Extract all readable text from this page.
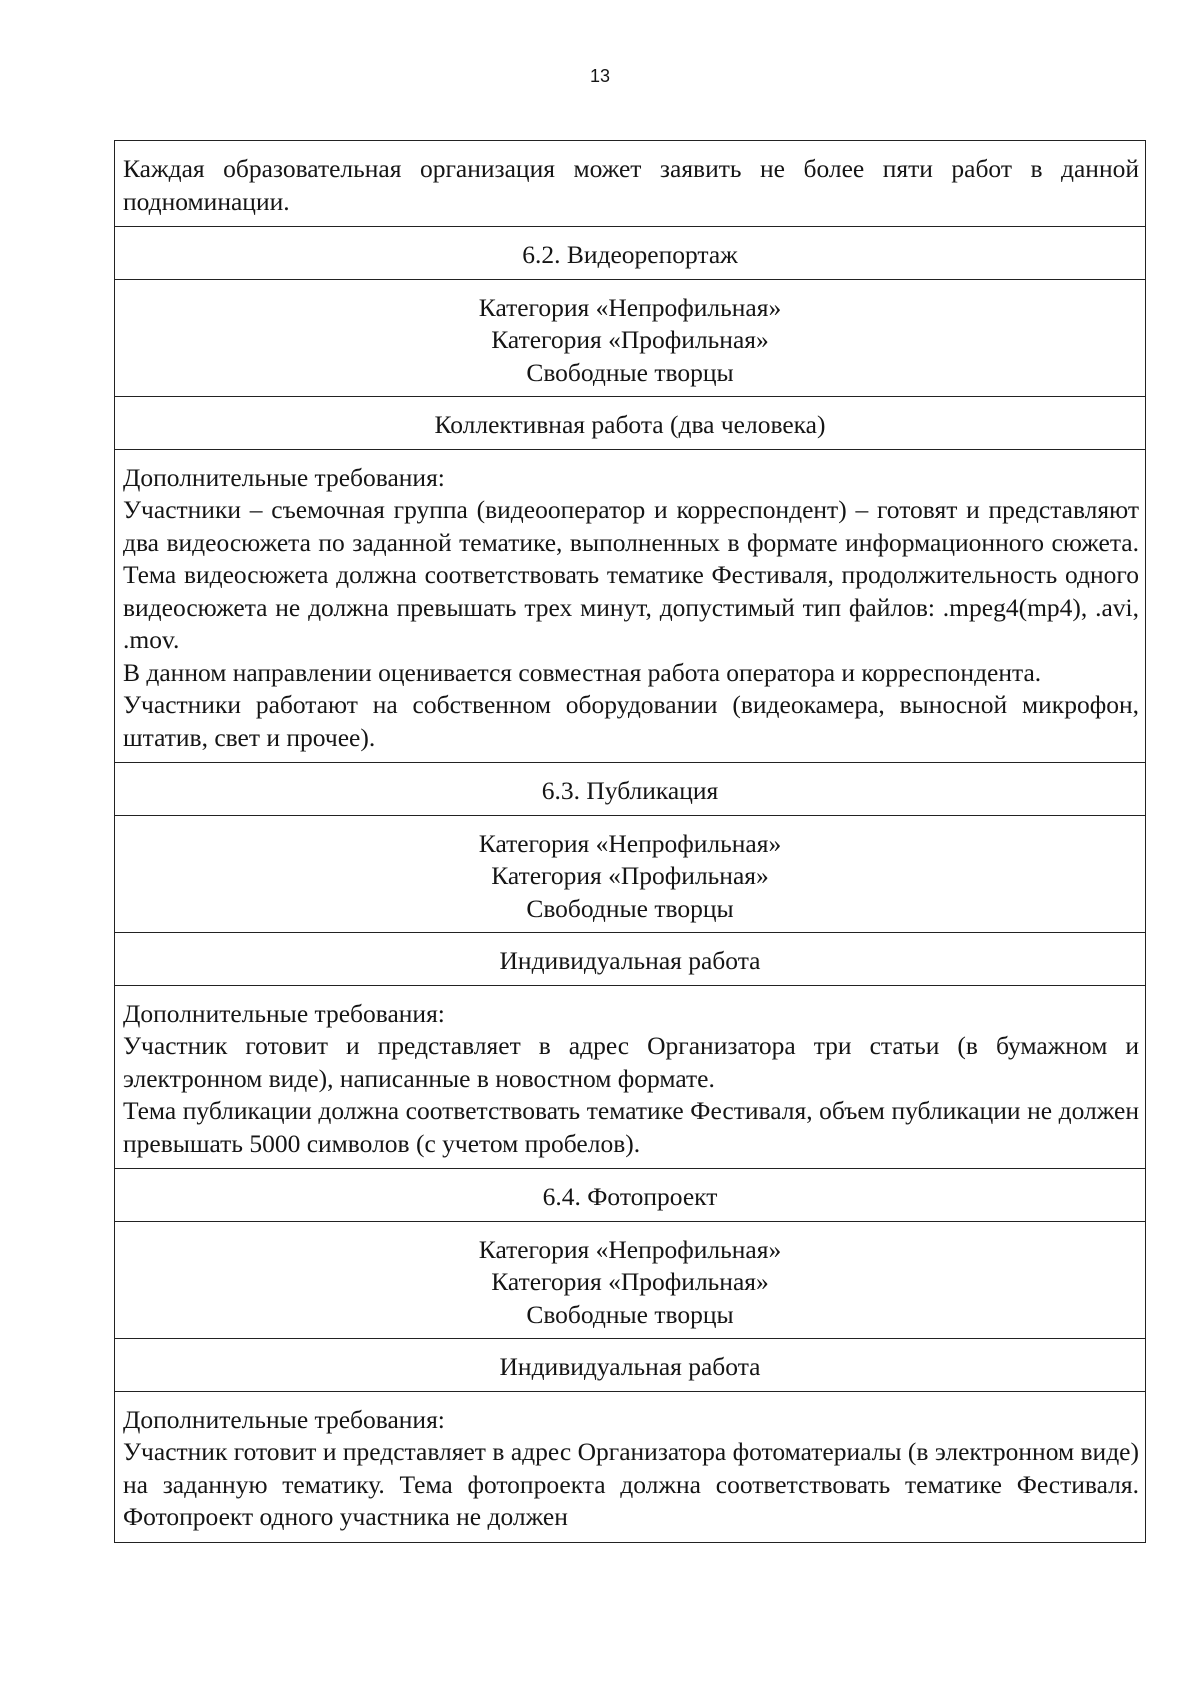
13

Каждая образовательная организация может заявить не более пяти работ в данной подноминации.

6.2. Видеорепортаж
Категория «Непрофильная»
Категория «Профильная»
Свободные творцы
Коллективная работа (два человека)
Дополнительные требования:

Участники – съемочная группа (видеооператор и корреспондент) – готовят и представляют два видеосюжета по заданной тематике, выполненных в формате информационного сюжета. Тема видеосюжета должна соответствовать тематике Фестиваля, продолжительность одного видеосюжета не должна превышать трех минут, допустимый тип файлов: .mpeg4(mp4), .avi, .mov.

В данном направлении оценивается совместная работа оператора и корреспондента.

Участники работают на собственном оборудовании (видеокамера, выносной микрофон, штатив, свет и прочее).

6.3. Публикация
Категория «Непрофильная»
Категория «Профильная»
Свободные творцы
Индивидуальная работа
Дополнительные требования:

Участник готовит и представляет в адрес Организатора три статьи (в бумажном и электронном виде), написанные в новостном формате.

Тема публикации должна соответствовать тематике Фестиваля, объем публикации не должен превышать 5000 символов (с учетом пробелов).

6.4. Фотопроект
Категория «Непрофильная»
Категория «Профильная»
Свободные творцы
Индивидуальная работа
Дополнительные требования:

Участник готовит и представляет в адрес Организатора фотоматериалы (в электронном виде) на заданную тематику. Тема фотопроекта должна соответствовать тематике Фестиваля. Фотопроект одного участника не должен
